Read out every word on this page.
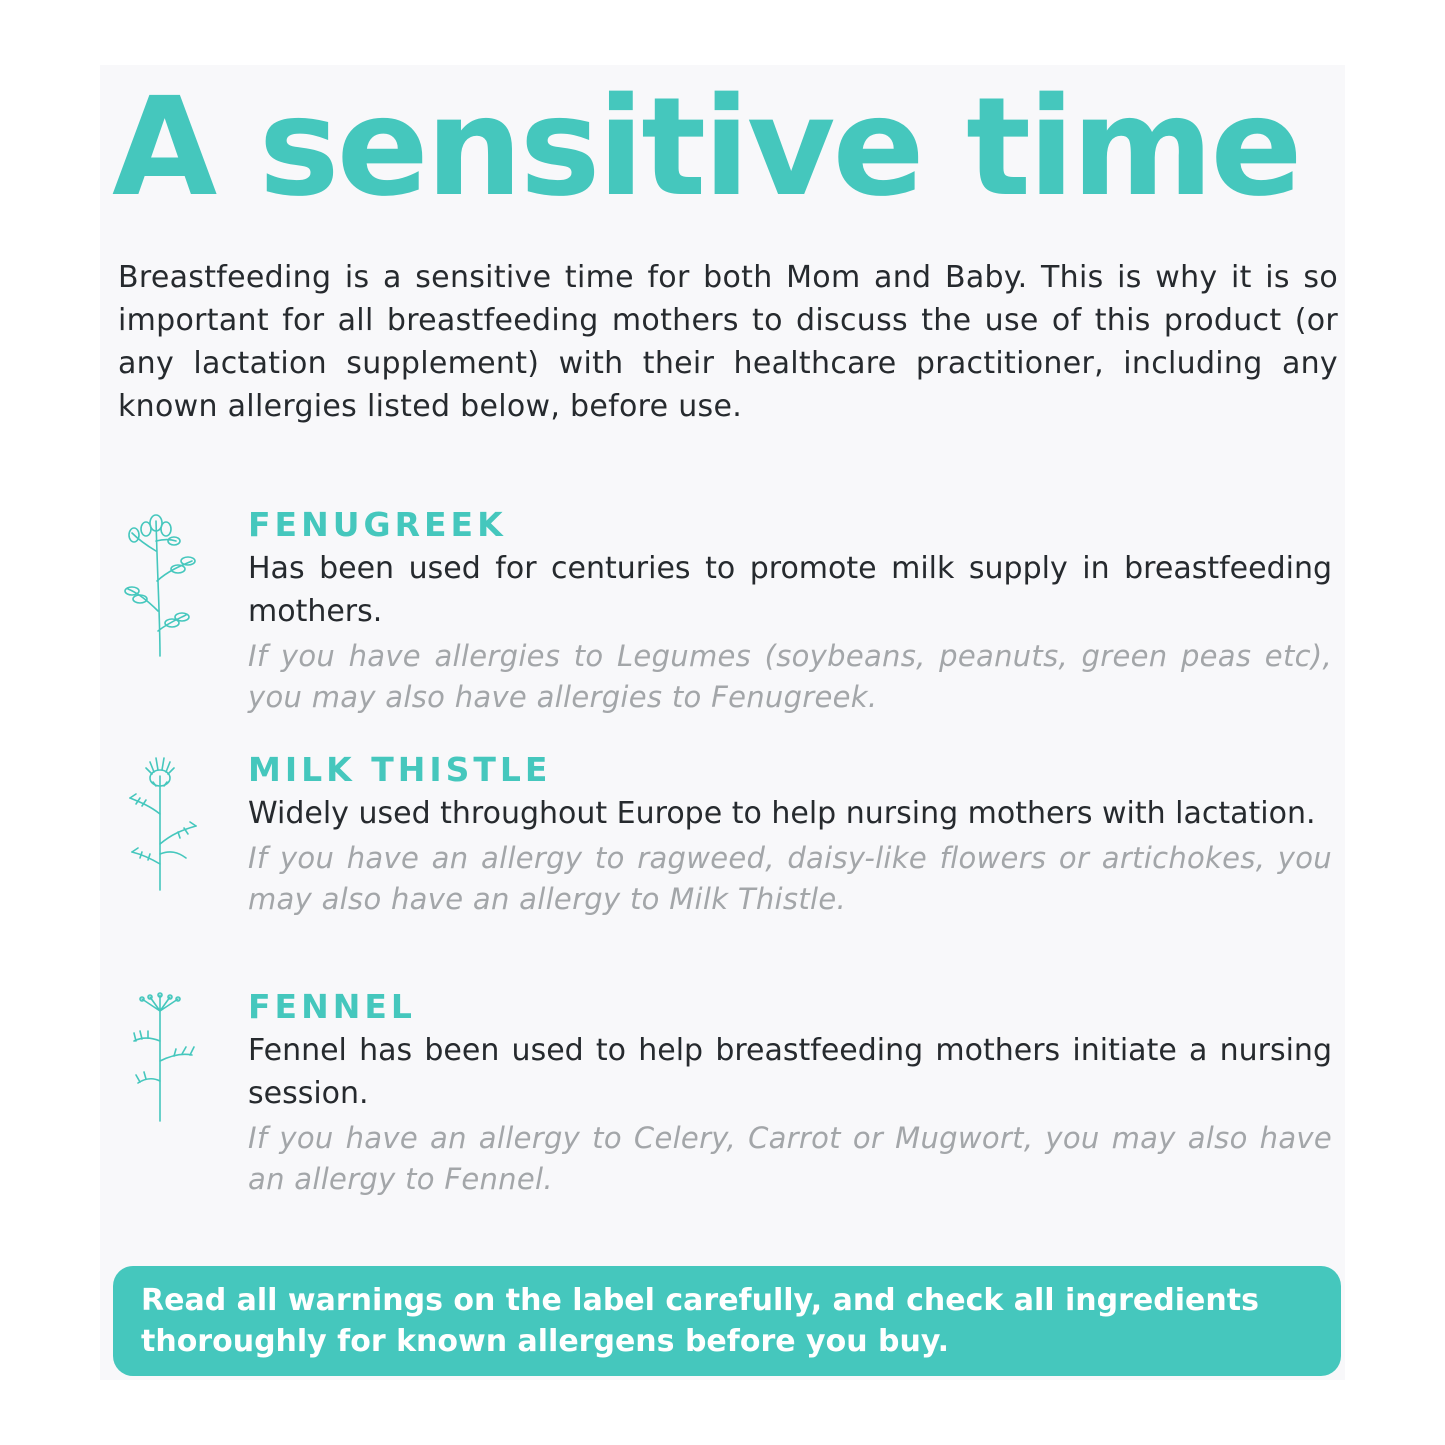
A sensitive time

Breastfeeding is a sensitive time for both Mom and Baby. This is why it is so important for all breastfeeding mothers to discuss the use of this product (or any lactation supplement) with their healthcare practitioner, including any known allergies listed below, before use.

FENUGREEK

Has been used for centuries to promote milk supply in breastfeeding mothers.

If you have allergies to Legumes (soybeans, peanuts, green peas etc), you may also have allergies to Fenugreek.

MILK THISTLE

Widely used throughout Europe to help nursing mothers with lactation.

If you have an allergy to ragweed, daisy-like flowers or artichokes, you may also have an allergy to Milk Thistle.

FENNEL

Fennel has been used to help breastfeeding mothers initiate a nursing session.

If you have an allergy to Celery, Carrot or Mugwort, you may also have an allergy to Fennel.

Read all warnings on the label carefully, and check all ingredients thoroughly for known allergens before you buy.
